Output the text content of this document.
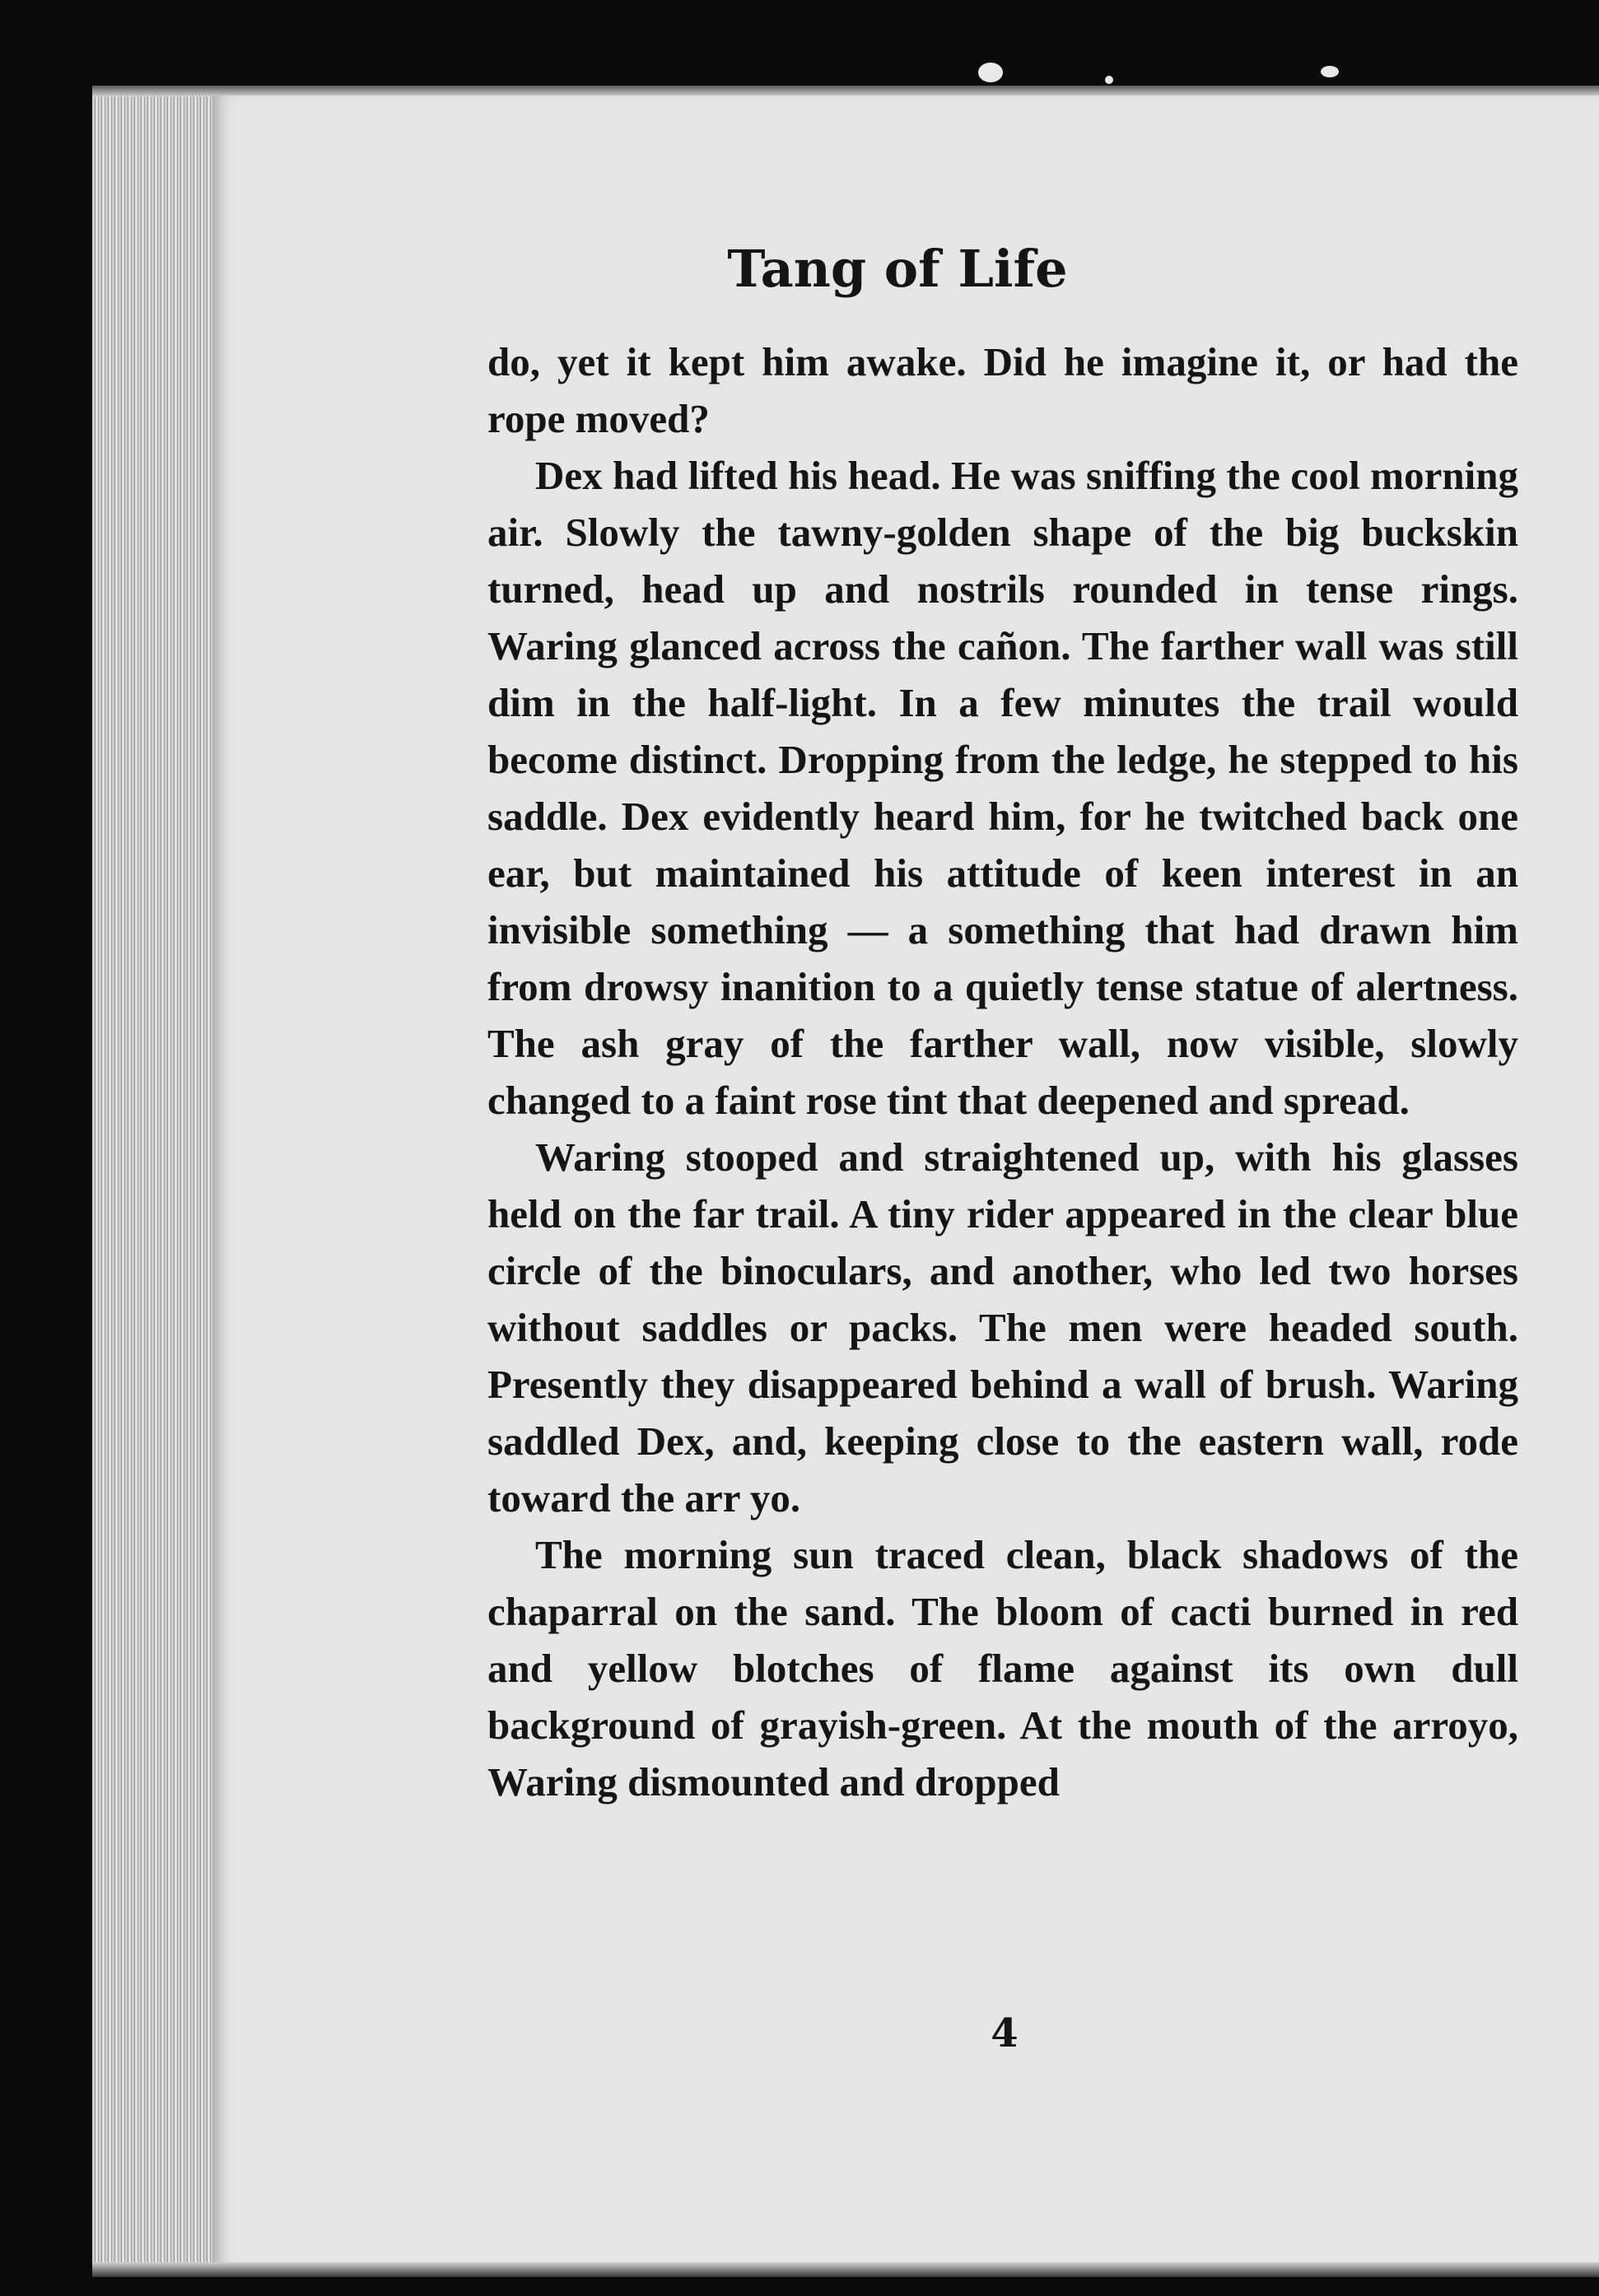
Tang of Life

do, yet it kept him awake. Did he imagine it, or had the rope moved?

Dex had lifted his head. He was sniffing the cool morning air. Slowly the tawny-golden shape of the big buckskin turned, head up and nostrils rounded in tense rings. Waring glanced across the cañon. The farther wall was still dim in the half-light. In a few minutes the trail would become distinct. Dropping from the ledge, he stepped to his saddle. Dex evidently heard him, for he twitched back one ear, but maintained his attitude of keen interest in an invisible something — a something that had drawn him from drowsy inanition to a quietly tense statue of alertness. The ash gray of the farther wall, now visible, slowly changed to a faint rose tint that deepened and spread.

Waring stooped and straightened up, with his glasses held on the far trail. A tiny rider appeared in the clear blue circle of the binoculars, and another, who led two horses without saddles or packs. The men were headed south. Presently they disappeared behind a wall of brush. Waring saddled Dex, and, keeping close to the eastern wall, rode toward the arr yo.

The morning sun traced clean, black shadows of the chaparral on the sand. The bloom of cacti burned in red and yellow blotches of flame against its own dull background of grayish-green. At the mouth of the arroyo, Waring dismounted and dropped

4
